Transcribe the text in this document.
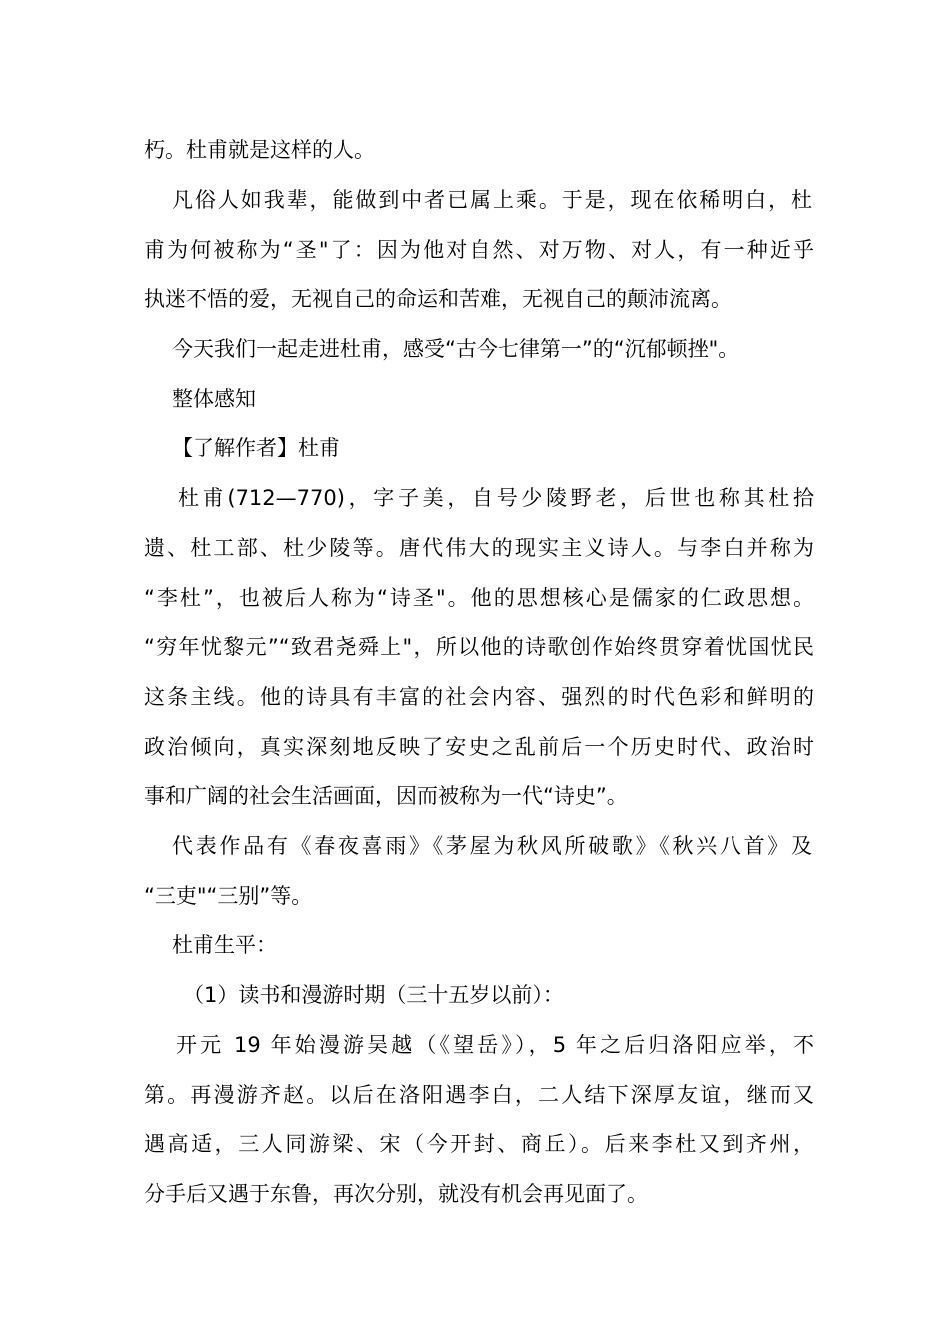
朽。杜甫就是这样的人。
凡俗人如我辈，能做到中者已属上乘。于是，现在依稀明白，杜
甫为何被称为“圣"了：因为他对自然、对万物、对人，有一种近乎
执迷不悟的爱，无视自己的命运和苦难，无视自己的颠沛流离。
今天我们一起走进杜甫，感受“古今七律第一”的“沉郁顿挫"。
整体感知
【了解作者】杜甫
杜甫(712—770)，字子美，自号少陵野老，后世也称其杜拾
遗、杜工部、杜少陵等。唐代伟大的现实主义诗人。与李白并称为
“李杜”，也被后人称为“诗圣"。他的思想核心是儒家的仁政思想。
“穷年忧黎元”“致君尧舜上"，所以他的诗歌创作始终贯穿着忧国忧民
这条主线。他的诗具有丰富的社会内容、强烈的时代色彩和鲜明的
政治倾向，真实深刻地反映了安史之乱前后一个历史时代、政治时
事和广阔的社会生活画面，因而被称为一代“诗史”。
代表作品有《春夜喜雨》《茅屋为秋风所破歌》《秋兴八首》及
“三吏"“三别”等。
杜甫生平：
（1）读书和漫游时期（三十五岁以前）：
开元 19 年始漫游吴越（《望岳》），5 年之后归洛阳应举，不
第。再漫游齐赵。以后在洛阳遇李白，二人结下深厚友谊，继而又
遇高适，三人同游梁、宋（今开封、商丘）。后来李杜又到齐州，
分手后又遇于东鲁，再次分别，就没有机会再见面了。
